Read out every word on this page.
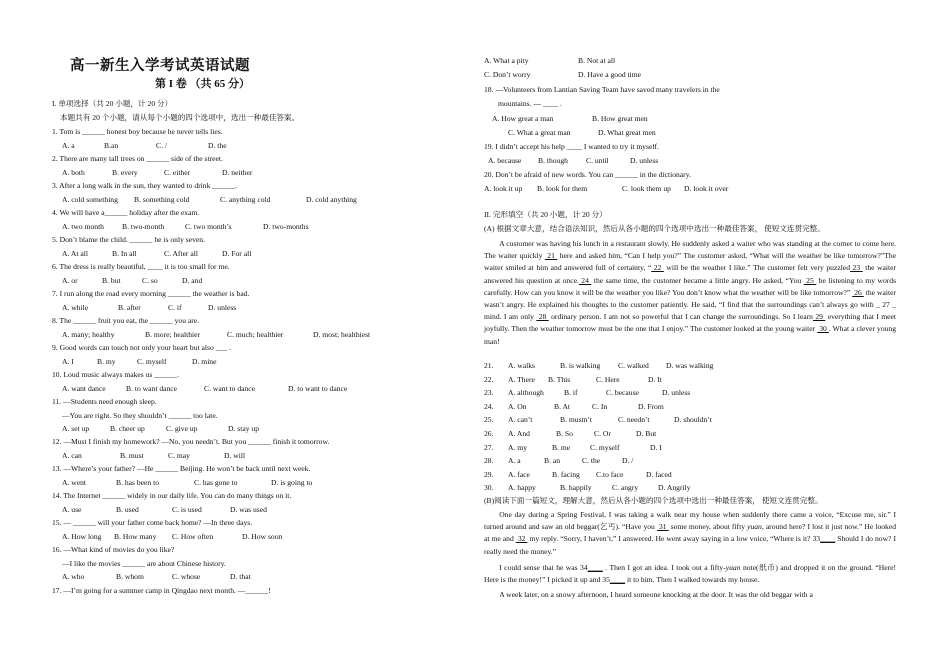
高一新生入学考试英语试题
第 I 卷 （共 65 分）
I. 单项选择（共 20 小题，计 20 分）
本题共有 20 个小题，请从每个小题的四个选项中，选出一种最佳答案。
1. Tom is ______ honest boy because he never tells lies.
A. a	B.an	C. /	D. the
2. There are many tall trees on ______ side of the street.
A. both	B. every	C. either	D. neither
3. After a long walk in the sun, they wanted to drink ______.
A. cold something B. something cold	C. anything cold	D. cold anything
4. We will have a______ holiday after the exam.
A. two month B. two-month	C. two month’s	D. two-months
5. Don’t blame the child. ______ he is only seven.
A. At all	B. In all	C. After all	D. For all
6. The dress is really beautiful, ____ it is too small for me.
A. or	B. but	C. so	D. and
7. I run along the road every morning ______ the weather is bad.
A. while	B. after	C. if	D. unless
8. The ______ fruit you eat, the ______ you are.
A. many; healthy	B. more; healthier	C. much; healthier	D. most; healthiest
9. Good words can touch not only your heart but also ___ .
A. I	B. my	C. myself	D. mine
10. Loud music always makes us ______.
A. want dance	B. to want dance	C. want to dance	D. to want to dance
11. —Students need enough sleep.
—You are right. So they shouldn’t ______ too late.
A. set up	B. cheer up	C. give up	D. stay up
12. —Must I finish my homework? —No, you needn’t. But you ______ finish it tomorrow.
A. can	B. must	C. may	D. will
13. —Where’s your father? —He ______ Beijing. He won’t be back until next week.
A. went	B. has been to	C. has gone to	D. is going to
14. The Internet ______ widely in our daily life. You can do many things on it.
A. use	B. used	C. is used	D. was used
15. — ______ will your father come back home? —In three days.
A. How long B. How many C. How often	D. How soon
16. —What kind of movies do you like?
—I like the movies ______ are about Chinese history.
A. who	B. whom	C. whose	D. that
17. —I’m going for a summer camp in Qingdao next month. —______!
A. What a pity	B. Not at all
C. Don’t worry	D. Have a good time
18. ---Volunteers from Lantian Saving Team have saved many travelers in the
mountains. --- ____ .
A. How great a man	B. How great men
C. What a great man	D. What great men
19. I didn’t accept his help ____ I wanted to try it myself.
A. because B. though C. until	D. unless
20. Don’t be afraid of new words. You can ______ in the dictionary.
A. look it up B. look for them	C. look them up D. look it over
II. 完形填空（共 20 小题，计 20 分）
(A) 根据文章大意，结合语法知识，然后从各小题的四个选项中选出一种最佳答案， 使短文连贯完整。
A customer was having his lunch in a restaurant slowly. He suddenly asked a waiter who was standing at the corner to come here. The waiter quickly  21  here and asked him, “Can I help you?” The customer asked, “What will the weather be like tomorrow?”The waiter smiled at him and answered full of certainty, “ 22  will be the weather I like.” The customer felt very puzzled 23  the waiter answered his question at once. 24  the same time, the customer became a little angry. He asked, “You  25  be listening to my words carefully. How can you know it will be the weather you like? You don’t know what the weather will be like tomorrow?”  26  the waiter wasn’t angry. He explained his thoughts to the customer patiently. He said, “I find that the surroundings can’t always go with _ 27 _ mind. I am only  28  ordinary person. I am not so powerful that I can change the surroundings. So I learn 29  everything that I meet joyfully. Then the weather tomorrow must be the one that I enjoy.” The customer looked at the young waiter  30 . What a clever young man!
21. A. walks	B. is walking C. walked D. was walking
22. A. There B. This	C. Here	D. It
23. A. although	B. if	C. because	D. unless
24. A. On	B. At	C. In	D. From
25. A. can’t	B. mustn’t	C. needn’t	D. shouldn’t
26. A. And	B. So	C. Or	D. But
27. A. my	B. me	C. myself	D. I
28. A. a	B. an	C. the	D. /
29. A. face	B. facing C.to face	D. faced
30. A. happy	B. happily	C. angry	D. Angrily
(B)阅读下面一篇短文，理解大意，然后从各小题的四个选项中选出一种最佳答案， 使短文连贯完整。
One day during a Spring Festival, I was taking a walk near my house when suddenly there came a voice, “Excuse me, sir.” I turned around and saw an old beggar(乞丐). “Have you  31  some money, about fifty yuan, around here? I lost it just now.” He looked at me and  32  my reply. “Sorry, I haven’t,” I answered. He went away saying in a low voice, “Where is it? 33____ Should I do now? I really need the money.”
I could sense that he was 34____ . Then I got an idea. I took out a fifty-yuan note(纸币) and dropped it on the ground. “Here! Here is the money!” I picked it up and 35____ it to him. Then I walked towards my house.
A week later, on a snowy afternoon, I heard someone knocking at the door. It was the old beggar with a
